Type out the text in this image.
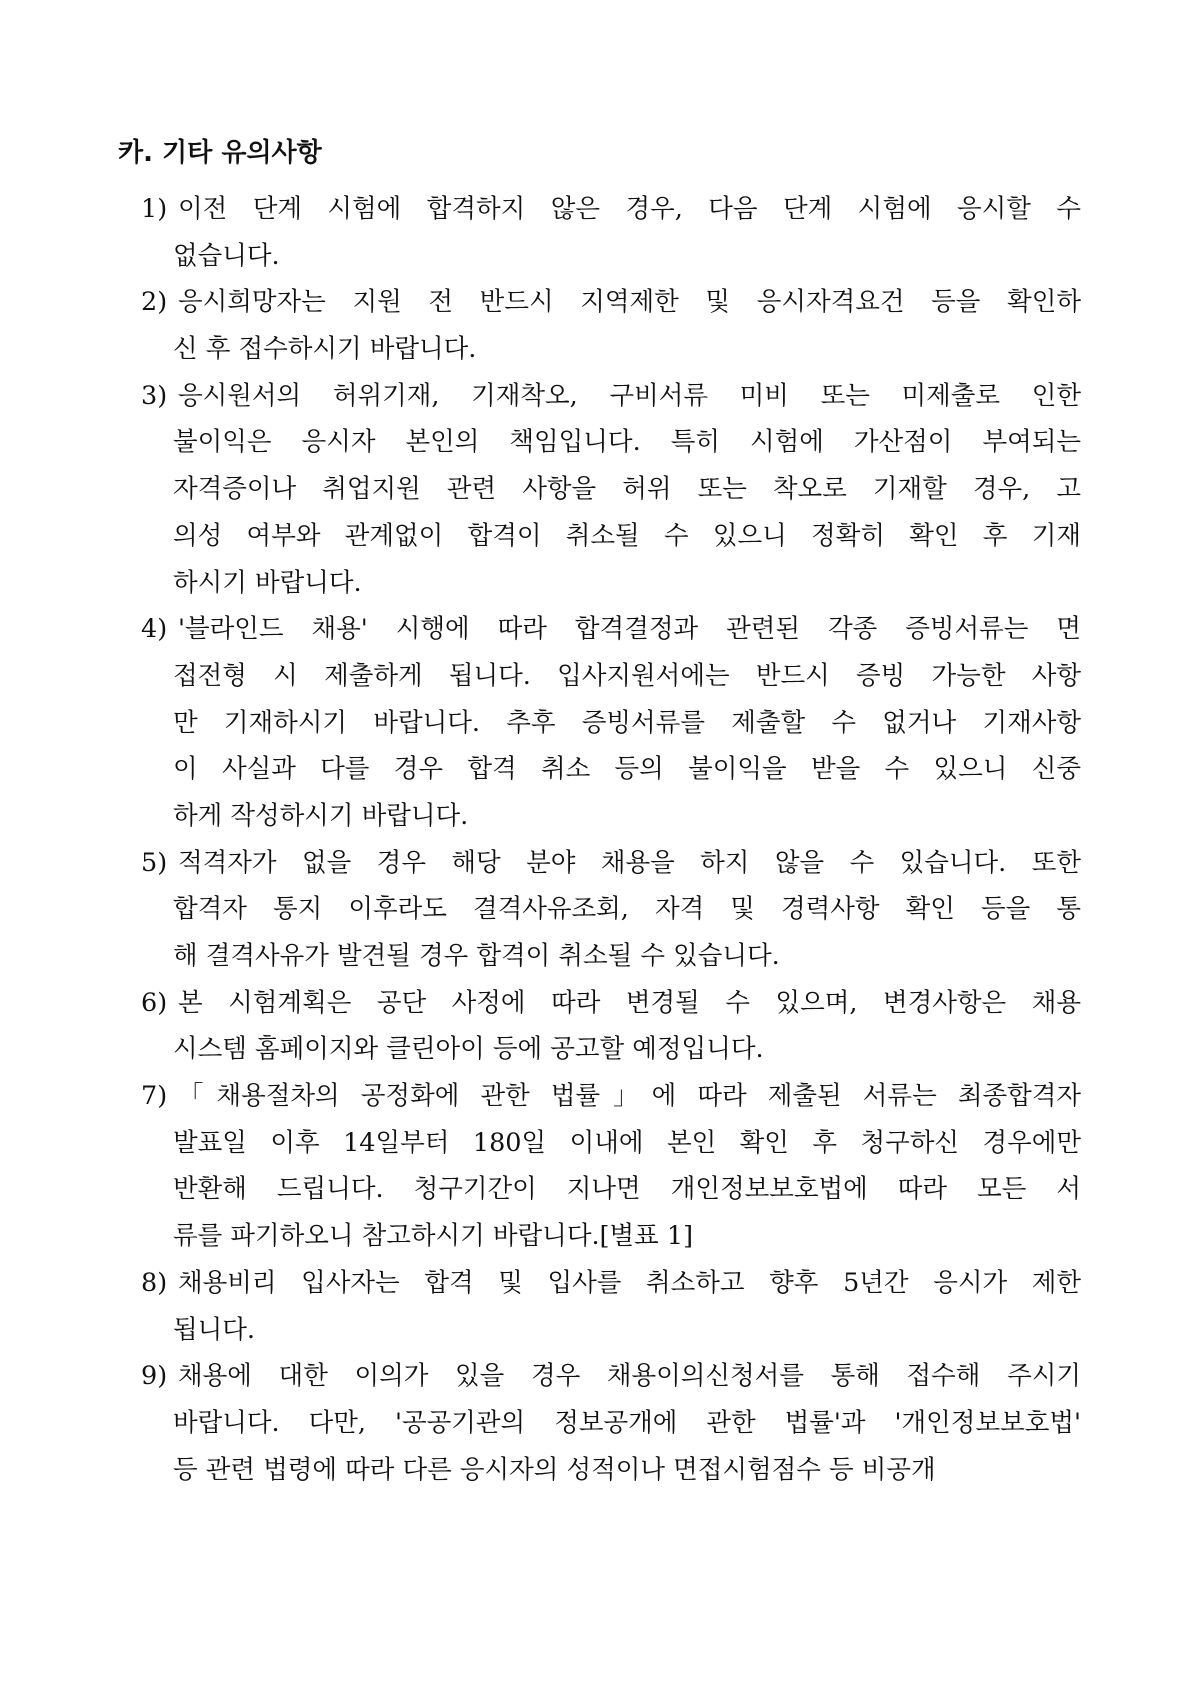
카. 기타 유의사항
1) 이전 단계 시험에 합격하지 않은 경우, 다음 단계 시험에 응시할 수
없습니다.
2) 응시희망자는 지원 전 반드시 지역제한 및 응시자격요건 등을 확인하
신 후 접수하시기 바랍니다.
3) 응시원서의 허위기재, 기재착오, 구비서류 미비 또는 미제출로 인한
불이익은 응시자 본인의 책임입니다. 특히 시험에 가산점이 부여되는
자격증이나 취업지원 관련 사항을 허위 또는 착오로 기재할 경우, 고
의성 여부와 관계없이 합격이 취소될 수 있으니 정확히 확인 후 기재
하시기 바랍니다.
4) '블라인드 채용' 시행에 따라 합격결정과 관련된 각종 증빙서류는 면
접전형 시 제출하게 됩니다. 입사지원서에는 반드시 증빙 가능한 사항
만 기재하시기 바랍니다. 추후 증빙서류를 제출할 수 없거나 기재사항
이 사실과 다를 경우 합격 취소 등의 불이익을 받을 수 있으니 신중
하게 작성하시기 바랍니다.
5) 적격자가 없을 경우 해당 분야 채용을 하지 않을 수 있습니다. 또한
합격자 통지 이후라도 결격사유조회, 자격 및 경력사항 확인 등을 통
해 결격사유가 발견될 경우 합격이 취소될 수 있습니다.
6) 본 시험계획은 공단 사정에 따라 변경될 수 있으며, 변경사항은 채용
시스템 홈페이지와 클린아이 등에 공고할 예정입니다.
7) 「채용절차의 공정화에 관한 법률」에 따라 제출된 서류는 최종합격자
발표일 이후 14일부터 180일 이내에 본인 확인 후 청구하신 경우에만
반환해 드립니다. 청구기간이 지나면 개인정보보호법에 따라 모든 서
류를 파기하오니 참고하시기 바랍니다.[별표 1]
8) 채용비리 입사자는 합격 및 입사를 취소하고 향후 5년간 응시가 제한
됩니다.
9) 채용에 대한 이의가 있을 경우 채용이의신청서를 통해 접수해 주시기
바랍니다. 다만, '공공기관의 정보공개에 관한 법률'과 '개인정보보호법'
등 관련 법령에 따라 다른 응시자의 성적이나 면접시험점수 등 비공개
